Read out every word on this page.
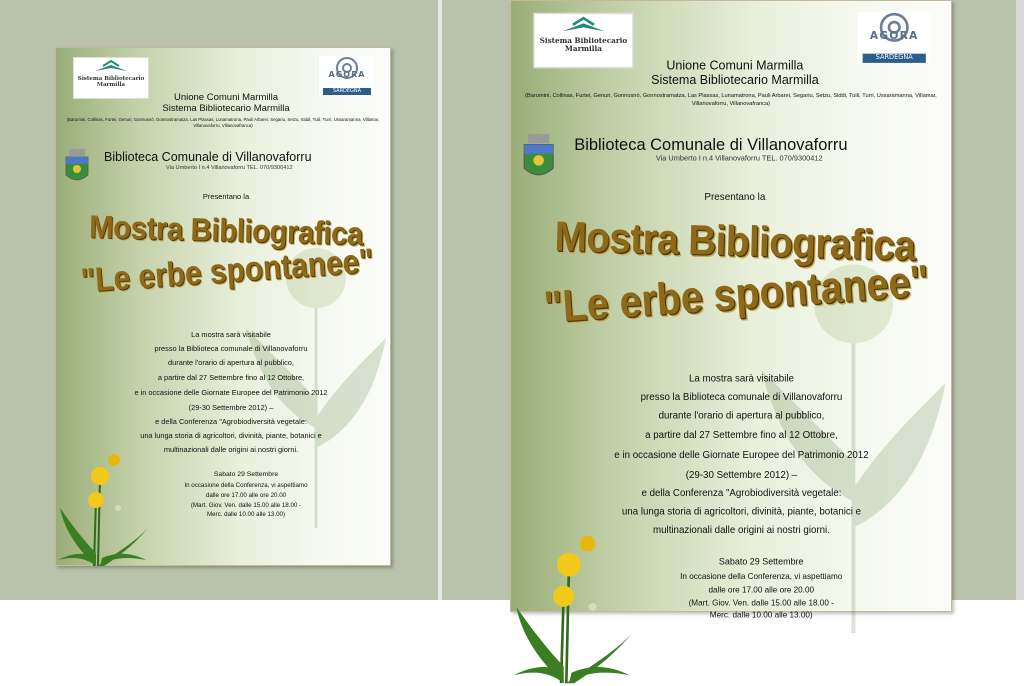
Sistema Bibliotecario Marmilla
AGORA
SARDEGNA
Unione Comuni Marmilla
Sistema Bibliotecario Marmilla
(Barumini, Collinas, Furtei, Genuri, Gonnosnò, Gonnostramatza, Las Plassas, Lunamatrona, Pauli Arbarei, Segariu, Setzu, Siddi, Tuili, Turri, Ussaramanna, Villamar, Villanovaforru, Villanovafranca)
Biblioteca Comunale di Villanovaforru
Via Umberto I n.4 Villanovaforru TEL. 070/9300412
Presentano la
Mostra Bibliografica
"Le erbe spontanee"
La mostra sarà visitabile
presso la Biblioteca comunale di Villanovaforru
durante l'orario di apertura al pubblico,
a partire dal 27 Settembre fino al 12 Ottobre,
e in occasione delle Giornate Europee del Patrimonio 2012
(29-30 Settembre 2012) –
e della Conferenza "Agrobiodiversità vegetale:
una lunga storia di agricoltori, divinità, piante, botanici e
multinazionali dalle origini ai nostri giorni.
Sabato 29 Settembre
In occasione della Conferenza, vi aspettiamo
dalle ore 17.00 alle ore 20.00
(Mart. Giov. Ven. dalle 15.00 alle 18.00 -
Merc. dalle 10.00 alle 13.00)
Sistema Bibliotecario Marmilla
AGORA
SARDEGNA
Unione Comuni Marmilla
Sistema Bibliotecario Marmilla
(Barumini, Collinas, Furtei, Genuri, Gonnosnò, Gonnostramatza, Las Plassas, Lunamatrona, Pauli Arbarei, Segariu, Setzu, Siddi, Tuili, Turri, Ussaramanna, Villamar, Villanovaforru, Villanovafranca)
Biblioteca Comunale di Villanovaforru
Via Umberto I n.4 Villanovaforru TEL. 070/9300412
Presentano la
Mostra Bibliografica
"Le erbe spontanee"
La mostra sarà visitabile
presso la Biblioteca comunale di Villanovaforru
durante l'orario di apertura al pubblico,
a partire dal 27 Settembre fino al 12 Ottobre,
e in occasione delle Giornate Europee del Patrimonio 2012
(29-30 Settembre 2012) –
e della Conferenza "Agrobiodiversità vegetale:
una lunga storia di agricoltori, divinità, piante, botanici e
multinazionali dalle origini ai nostri giorni.
Sabato 29 Settembre
In occasione della Conferenza, vi aspettiamo
dalle ore 17.00 alle ore 20.00
(Mart. Giov. Ven. dalle 15.00 alle 18.00 -
Merc. dalle 10.00 alle 13.00)
